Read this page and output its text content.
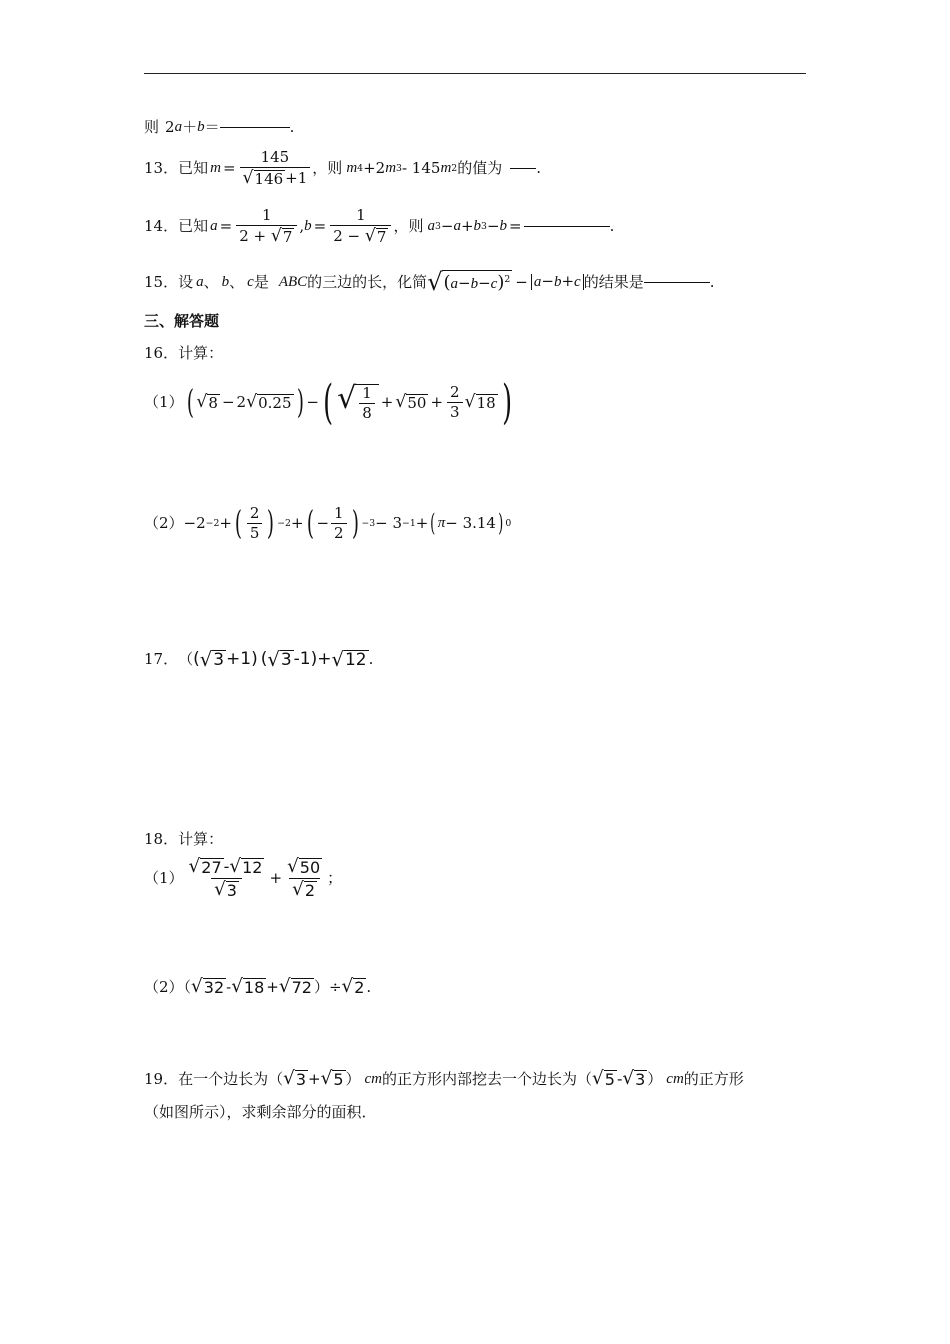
则 2 a ＋ b ＝	.
13． 已知 $m = \frac{145}{√ 146 +1}$ ，则 m 4 +2 m 3 - 145 m 2 的值为 .
14． 已知 $a = \frac{1}{2 + √ 7}$ , $b = \frac{1}{2 - √ 7}$ ，则 a 3 − a + b 3 − b =	.
15． 设 a 、 b 、 c 是 ABC 的三边的长，化简 √ $(a-b-c)^2 - a-b+c$ 的结果是	.
三、解答题
16． 计算：
（1） ( √ 8 − 2 √ 0.25 ) − ( √ $\frac{1}{8}$ + √ $50 + \frac{2}{3}$ √ 18 )
（2） −2 −2 + ( $\frac{2}{5}$ ) −2 + ( − $\frac{1}{2}$ ) −3 − 3 −1 + ( π − 3.14 ) 0
17． （ ( √ 3 +1) ( √ 3 -1) + √ 12 .
18． 计算：
$(1) \frac{√ 27 - √ 12}{√ 3} + \frac{√ 50}{√ 2}$ ；
（2）（ √ 32 - √ 18 + √ 72 ）÷ √ 2 .
19． 在一个边长为（ √ 3 + √ 5 ） cm 的正方形内部挖去一个边长为（ √ 5 - √ 3 ） cm 的正方形
（如图所示），求剩余部分的面积．
